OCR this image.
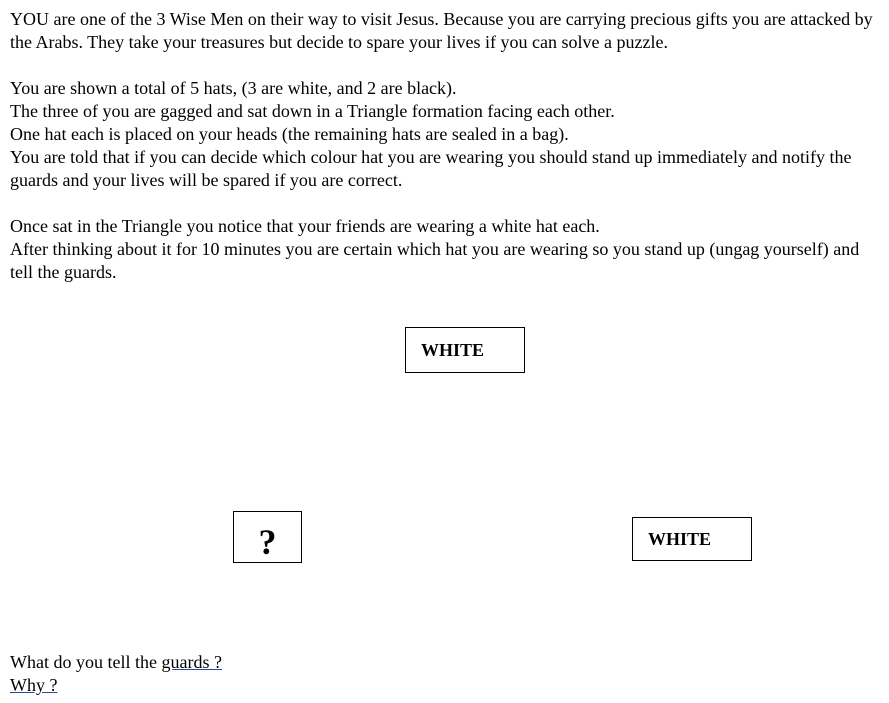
YOU are one of the 3 Wise Men on their way to visit Jesus. Because you are carrying precious gifts you are attacked by the Arabs. They take your treasures but decide to spare your lives if you can solve a puzzle.

You are shown a total of 5 hats, (3 are white, and 2 are black).

The three of you are gagged and sat down in a Triangle formation facing each other.

One hat each is placed on your heads (the remaining hats are sealed in a bag).

You are told that if you can decide which colour hat you are wearing you should stand up immediately and notify the guards and your lives will be spared if you are correct.

Once sat in the Triangle you notice that your friends are wearing a white hat each.

After thinking about it for 10 minutes you are certain which hat you are wearing so you stand up (ungag yourself) and tell the guards.

WHITE
?	WHITE

What do you tell the guards ?

Why ?
